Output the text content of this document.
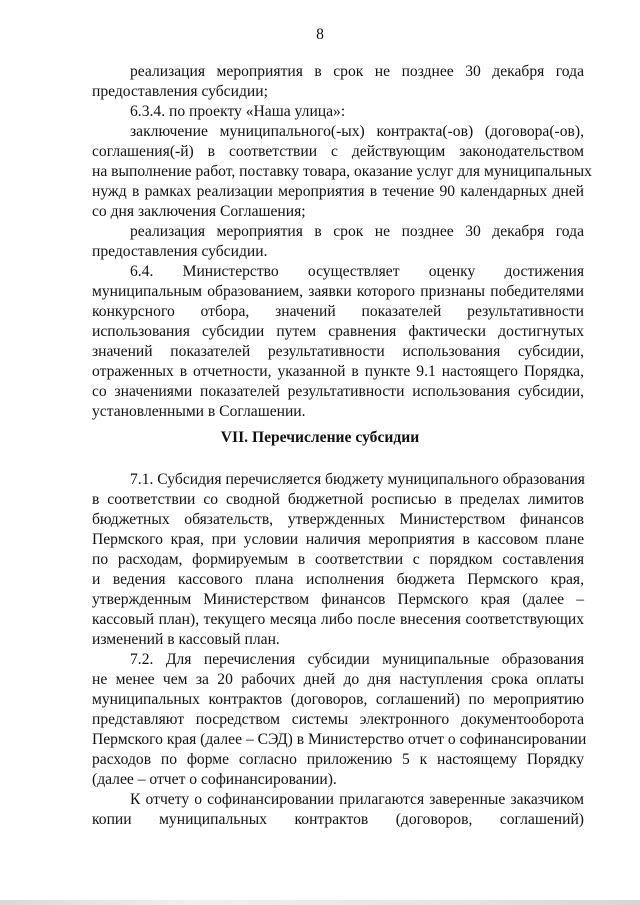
8
реализация мероприятия в срок не позднее 30 декабря года
предоставления субсидии;
6.3.4. по проекту «Наша улица»:
заключение муниципального(-ых) контракта(-ов) (договора(-ов),
соглашения(-й) в соответствии с действующим законодательством
на выполнение работ, поставку товара, оказание услуг для муниципальных
нужд в рамках реализации мероприятия в течение 90 календарных дней
со дня заключения Соглашения;
реализация мероприятия в срок не позднее 30 декабря года
предоставления субсидии.
6.4. Министерство осуществляет оценку достижения
муниципальным образованием, заявки которого признаны победителями
конкурсного отбора, значений показателей результативности
использования субсидии путем сравнения фактически достигнутых
значений показателей результативности использования субсидии,
отраженных в отчетности, указанной в пункте 9.1 настоящего Порядка,
со значениями показателей результативности использования субсидии,
установленными в Соглашении.
VII. Перечисление субсидии
7.1. Субсидия перечисляется бюджету муниципального образования
в соответствии со сводной бюджетной росписью в пределах лимитов
бюджетных обязательств, утвержденных Министерством финансов
Пермского края, при условии наличия мероприятия в кассовом плане
по расходам, формируемым в соответствии с порядком составления
и ведения кассового плана исполнения бюджета Пермского края,
утвержденным Министерством финансов Пермского края (далее –
кассовый план), текущего месяца либо после внесения соответствующих
изменений в кассовый план.
7.2. Для перечисления субсидии муниципальные образования
не менее чем за 20 рабочих дней до дня наступления срока оплаты
муниципальных контрактов (договоров, соглашений) по мероприятию
представляют посредством системы электронного документооборота
Пермского края (далее – СЭД) в Министерство отчет о софинансировании
расходов по форме согласно приложению 5 к настоящему Порядку
(далее – отчет о софинансировании).
К отчету о софинансировании прилагаются заверенные заказчиком
копии муниципальных контрактов (договоров, соглашений)
